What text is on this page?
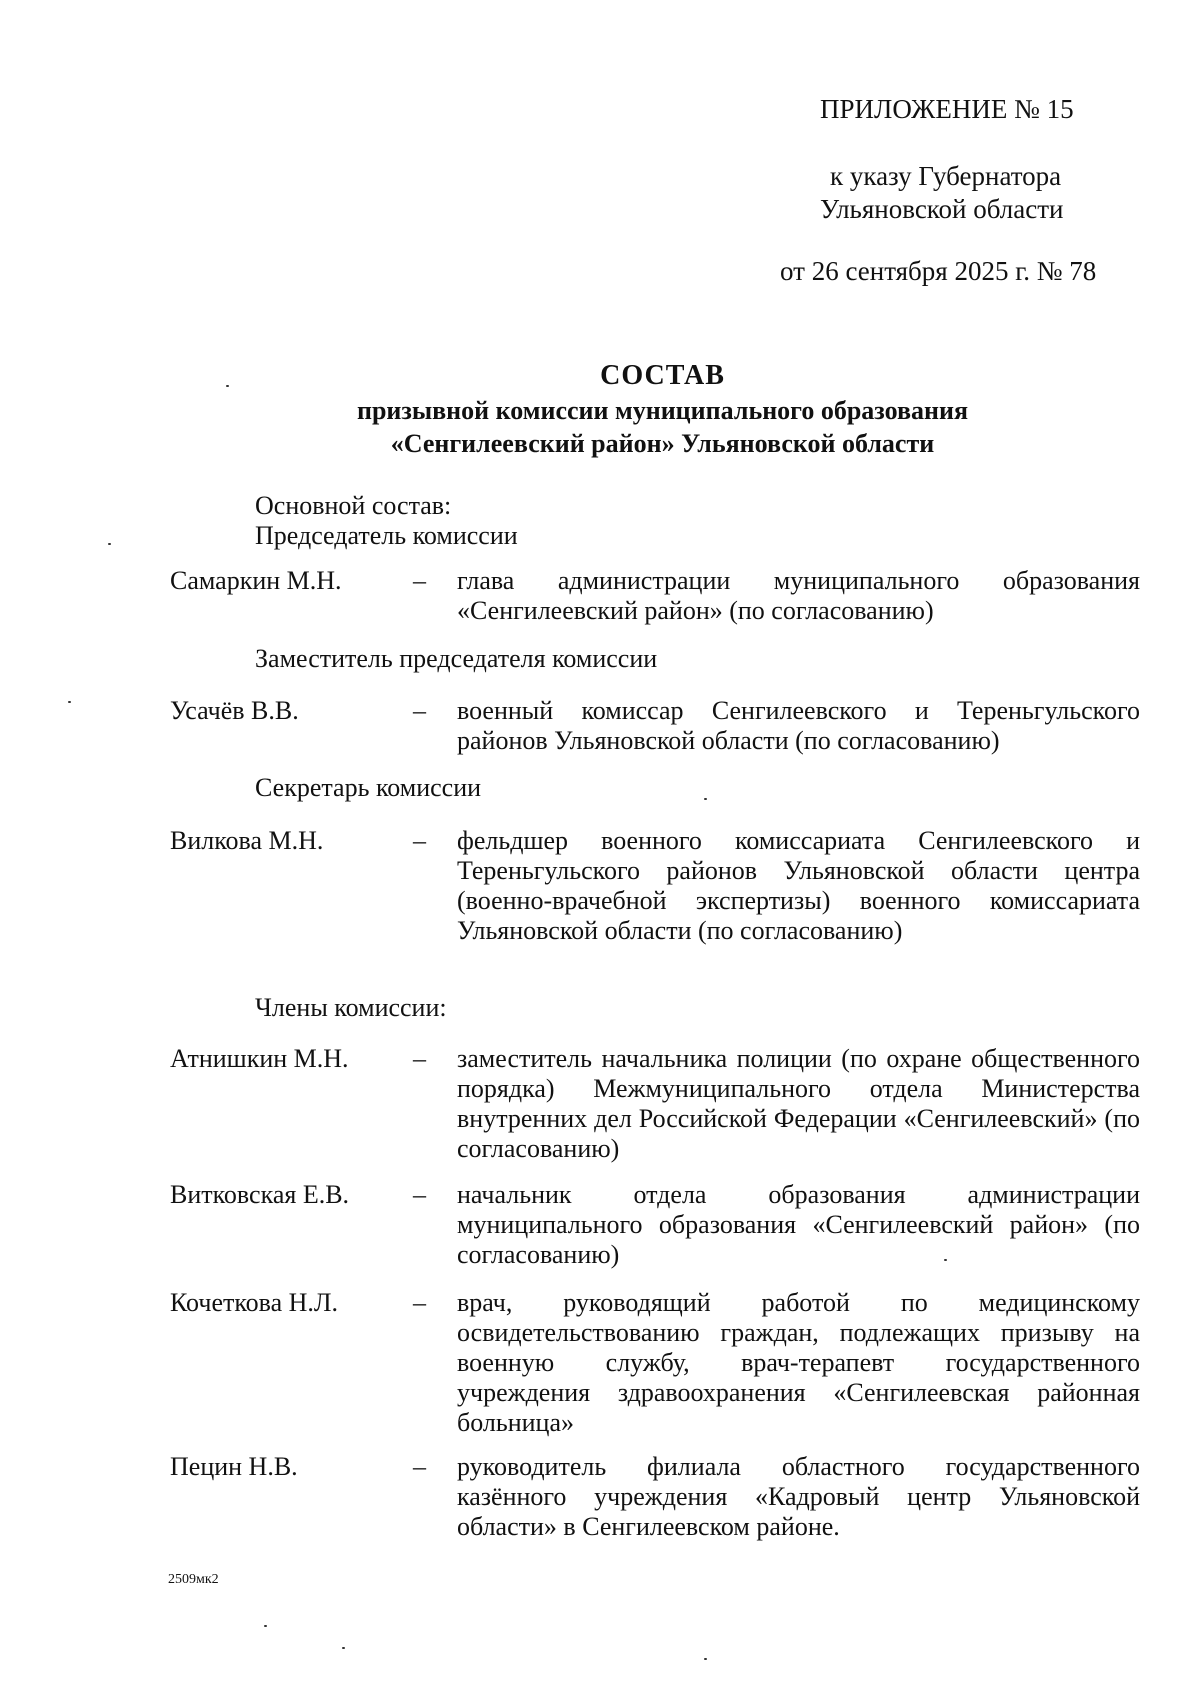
ПРИЛОЖЕНИЕ № 15
к указу Губернатора
Ульяновской области
от 26 сентября 2025 г. № 78
СОСТАВ
призывной комиссии муниципального образования
«Сенгилеевский район» Ульяновской области
Основной состав:
Председатель комиссии
Самаркин М.Н.	– глава администрации муниципального образования «Сенгилеевский район» (по согласованию)
Заместитель председателя комиссии
Усачёв В.В.	– военный комиссар Сенгилеевского и Тереньгульского районов Ульяновской области (по согласованию)
Секретарь комиссии
Вилкова М.Н.	– фельдшер военного комиссариата Сенгилеевского и Тереньгульского районов Ульяновской области центра (военно-врачебной экспертизы) военного комиссариата Ульяновской области (по согласованию)
Члены комиссии:
Атнишкин М.Н. – заместитель начальника полиции (по охране общественного порядка) Межмуниципального отдела Министерства внутренних дел Российской Федерации «Сенгилеевский» (по согласованию)
Витковская Е.В. – начальник отдела образования администрации муниципального образования «Сенгилеевский район» (по согласованию)
Кочеткова Н.Л.	– врач, руководящий работой по медицинскому освидетельствованию граждан, подлежащих призыву на военную службу, врач-терапевт государственного учреждения здравоохранения «Сенгилеевская районная больница»
Пецин Н.В.	– руководитель филиала областного государственного казённого учреждения «Кадровый центр Ульяновской области» в Сенгилеевском районе.
2509мк2
